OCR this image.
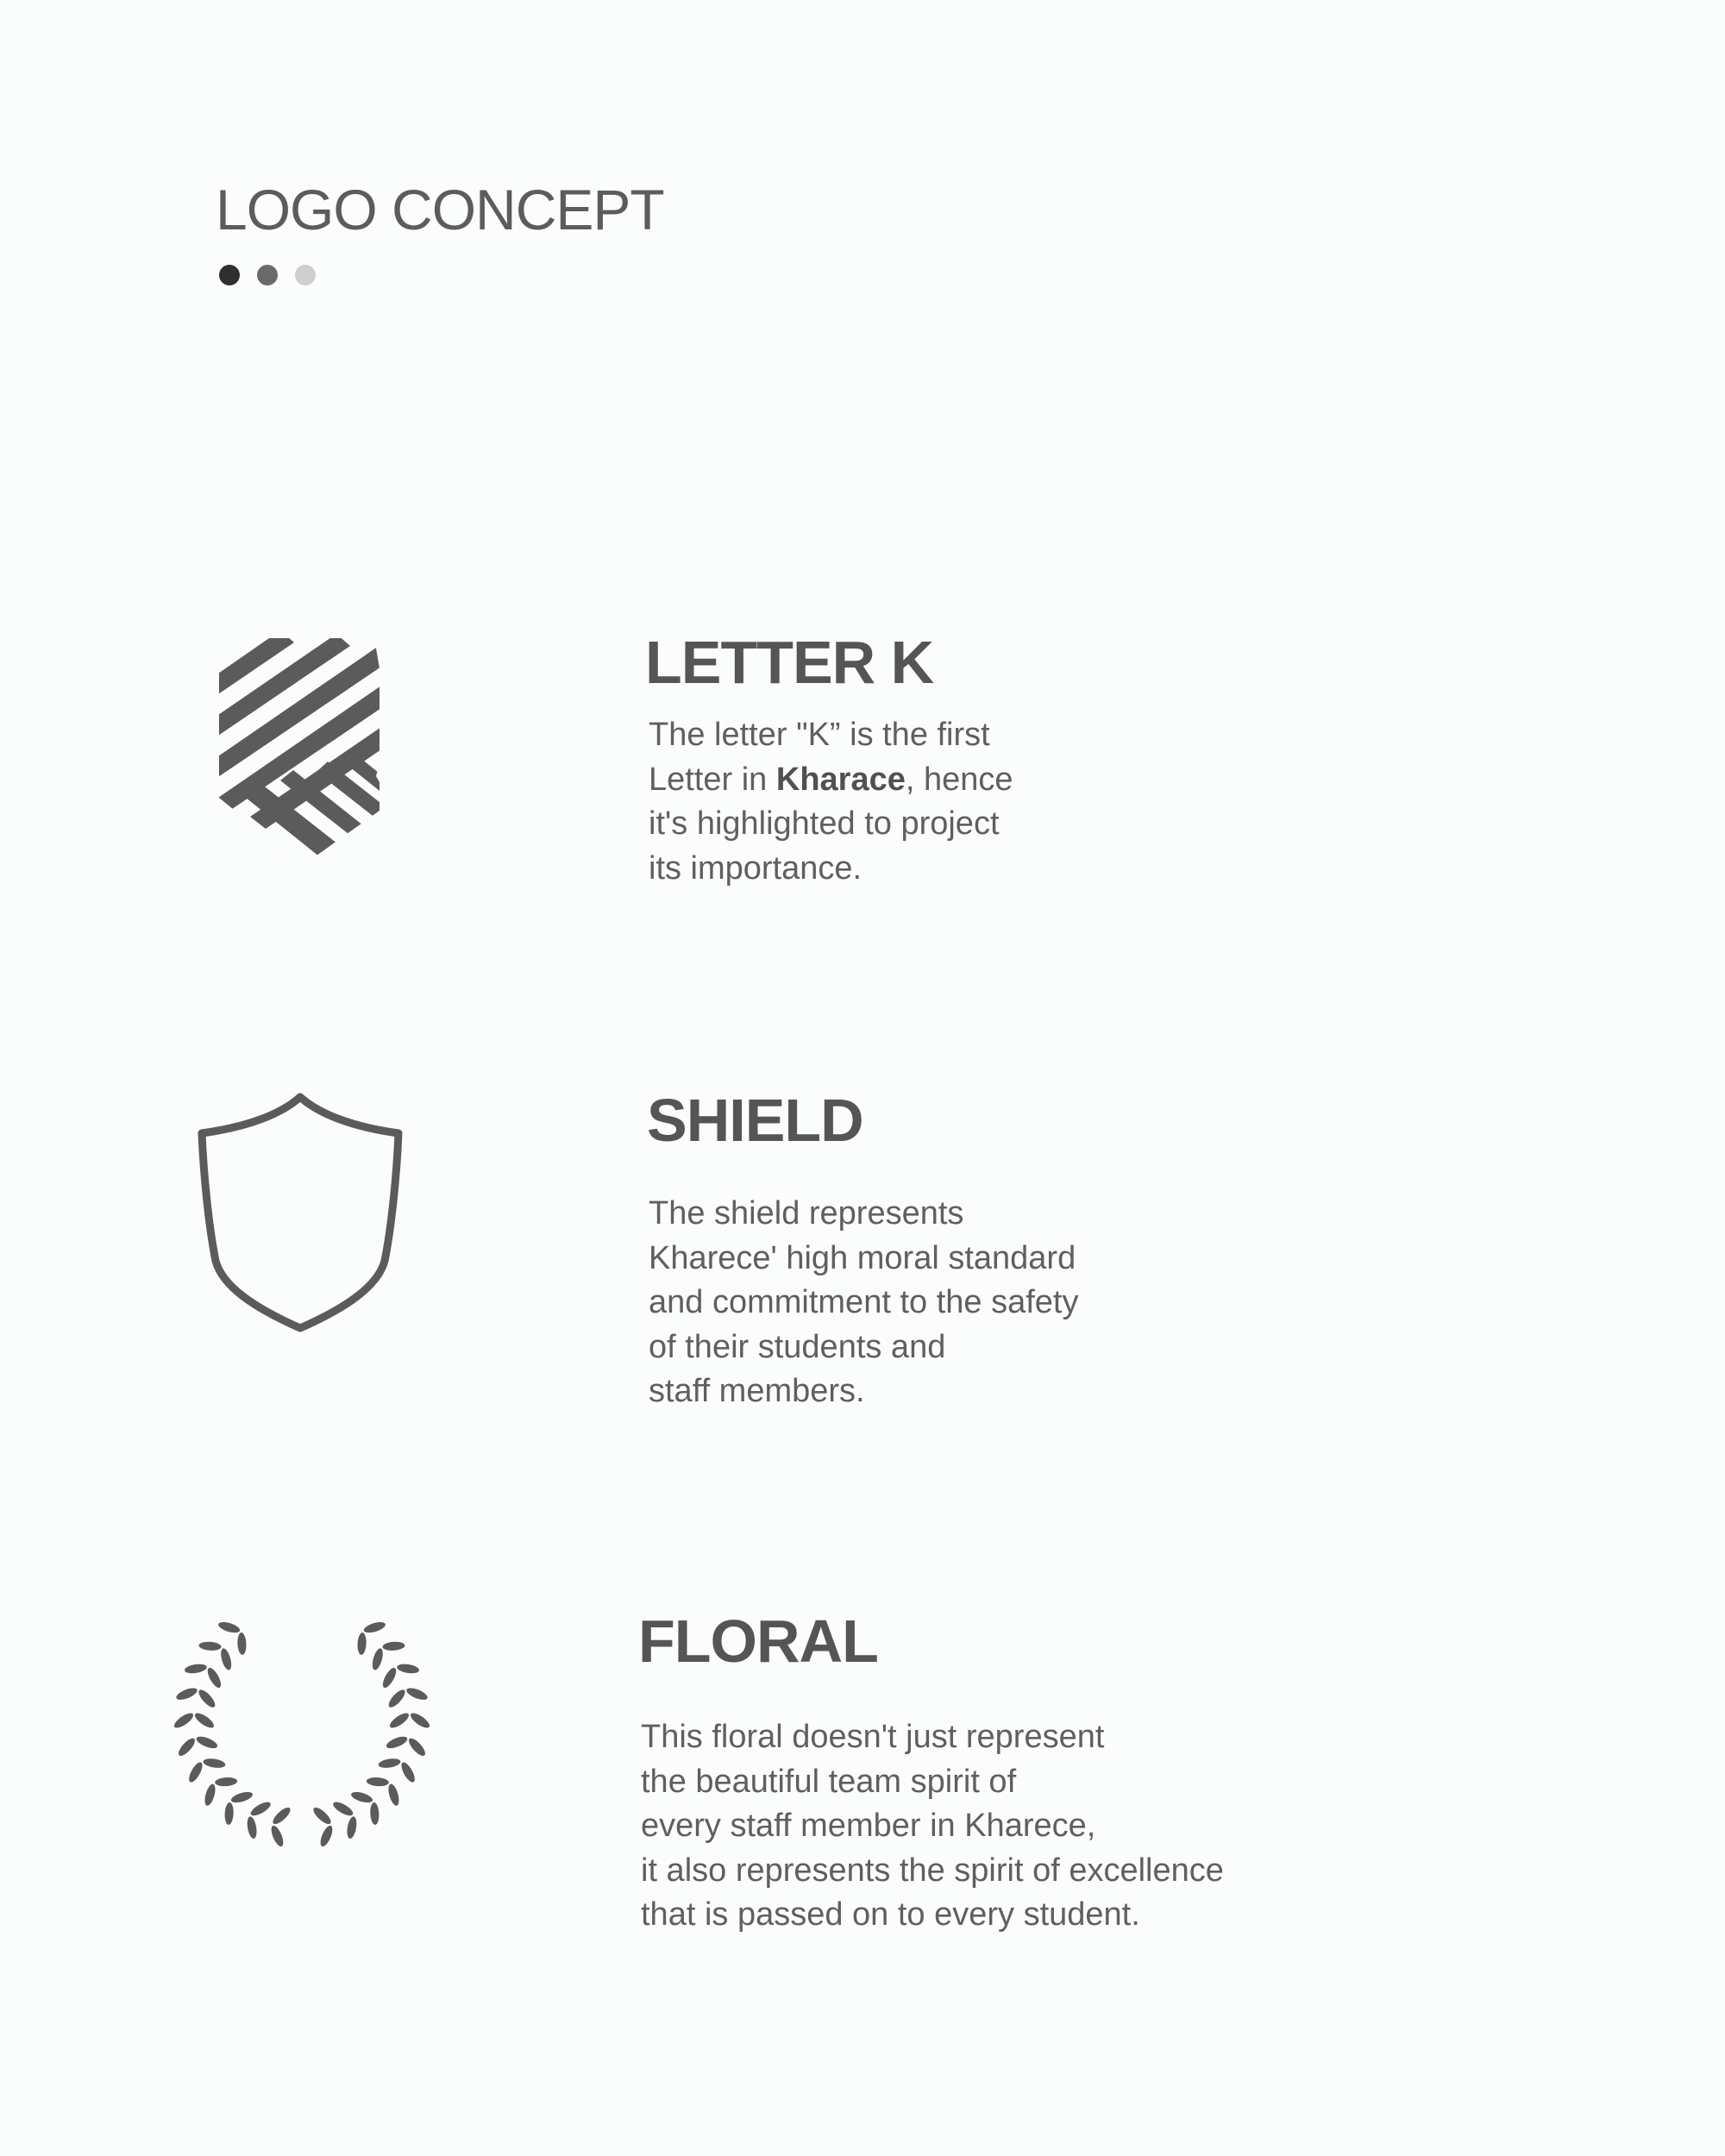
LOGO CONCEPT
LETTER K

The letter "K” is the first
Letter in Kharace, hence
it's highlighted to project
its importance.

SHIELD

The shield represents
Kharece' high moral standard
and commitment to the safety
of their students and
staff members.

FLORAL

This floral doesn't just represent
the beautiful team spirit of
every staff member in Kharece,
it also represents the spirit of excellence
that is passed on to every student.
